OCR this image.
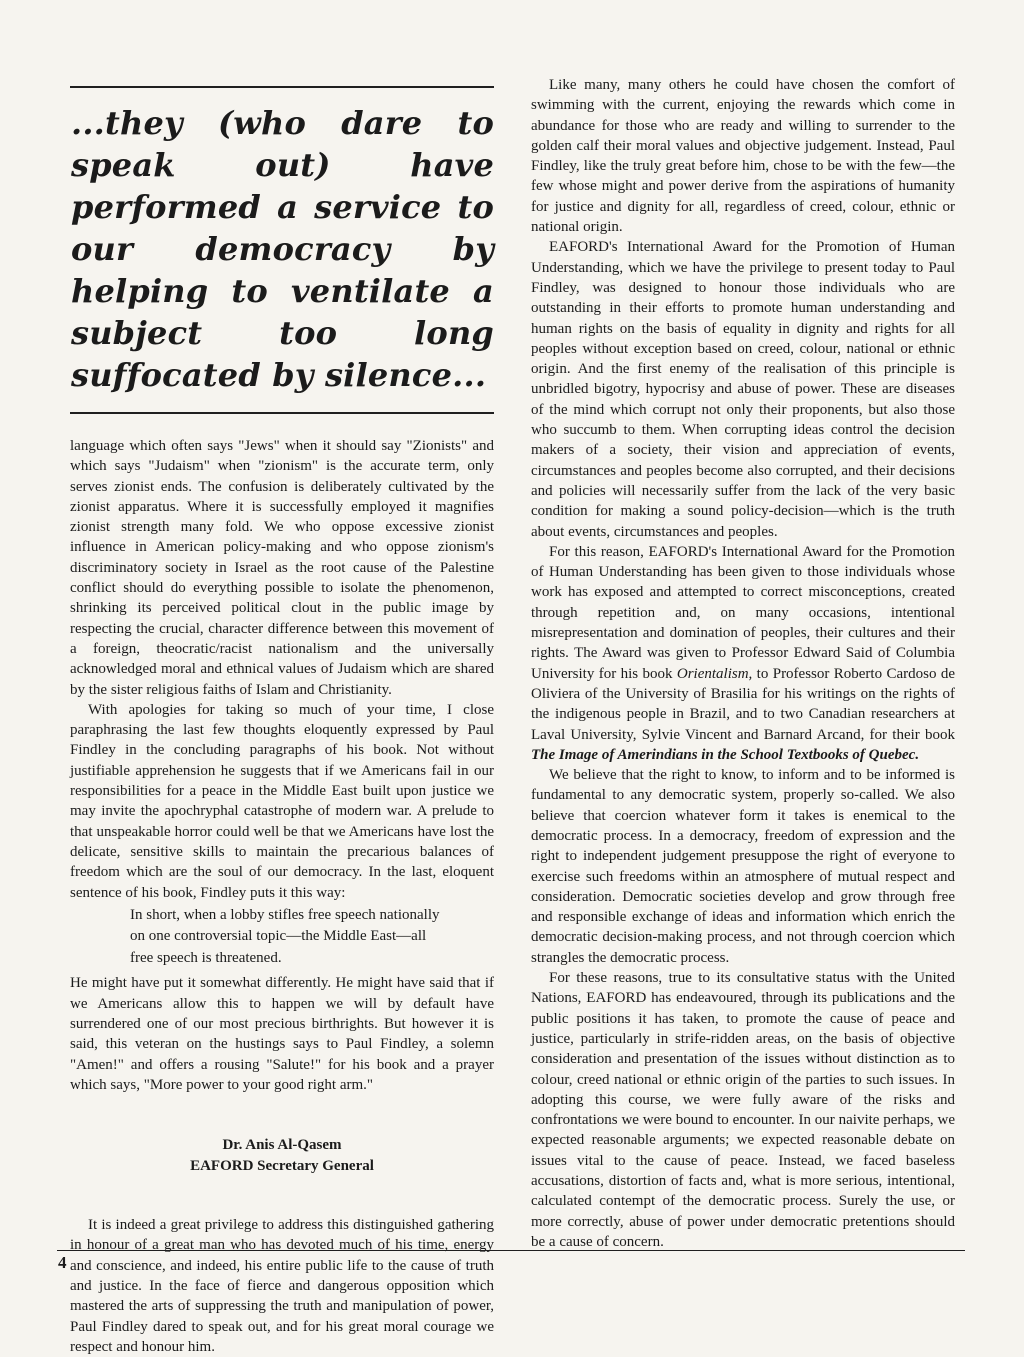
...they (who dare to speak out) have performed a service to our democracy by helping to ventilate a subject too long suffocated by silence...

language which often says "Jews" when it should say "Zionists" and which says "Judaism" when "zionism" is the accurate term, only serves zionist ends. The confusion is deliberately cultivated by the zionist apparatus. Where it is successfully employed it magnifies zionist strength many fold. We who oppose excessive zionist influence in American policy-making and who oppose zionism's discriminatory society in Israel as the root cause of the Palestine conflict should do everything possible to isolate the phenomenon, shrinking its perceived political clout in the public image by respecting the crucial, character difference between this movement of a foreign, theocratic/racist nationalism and the universally acknowledged moral and ethnical values of Judaism which are shared by the sister religious faiths of Islam and Christianity.

With apologies for taking so much of your time, I close paraphrasing the last few thoughts eloquently expressed by Paul Findley in the concluding paragraphs of his book. Not without justifiable apprehension he suggests that if we Americans fail in our responsibilities for a peace in the Middle East built upon justice we may invite the apochryphal catastrophe of modern war. A prelude to that unspeakable horror could well be that we Americans have lost the delicate, sensitive skills to maintain the precarious balances of freedom which are the soul of our democracy. In the last, eloquent sentence of his book, Findley puts it this way:

In short, when a lobby stifles free speech nationally
on one controversial topic—the Middle East—all
free speech is threatened.

He might have put it somewhat differently. He might have said that if we Americans allow this to happen we will by default have surrendered one of our most precious birthrights. But however it is said, this veteran on the hustings says to Paul Findley, a solemn "Amen!" and offers a rousing "Salute!" for his book and a prayer which says, "More power to your good right arm."

Dr. Anis Al-Qasem
EAFORD Secretary General

It is indeed a great privilege to address this distinguished gathering in honour of a great man who has devoted much of his time, energy and conscience, and indeed, his entire public life to the cause of truth and justice. In the face of fierce and dangerous opposition which mastered the arts of suppressing the truth and manipulation of power, Paul Findley dared to speak out, and for his great moral courage we respect and honour him.

Like many, many others he could have chosen the comfort of swimming with the current, enjoying the rewards which come in abundance for those who are ready and willing to surrender to the golden calf their moral values and objective judgement. Instead, Paul Findley, like the truly great before him, chose to be with the few—the few whose might and power derive from the aspirations of humanity for justice and dignity for all, regardless of creed, colour, ethnic or national origin.

EAFORD's International Award for the Promotion of Human Understanding, which we have the privilege to present today to Paul Findley, was designed to honour those individuals who are outstanding in their efforts to promote human understanding and human rights on the basis of equality in dignity and rights for all peoples without exception based on creed, colour, national or ethnic origin. And the first enemy of the realisation of this principle is unbridled bigotry, hypocrisy and abuse of power. These are diseases of the mind which corrupt not only their proponents, but also those who succumb to them. When corrupting ideas control the decision makers of a society, their vision and appreciation of events, circumstances and peoples become also corrupted, and their decisions and policies will necessarily suffer from the lack of the very basic condition for making a sound policy-decision—which is the truth about events, circumstances and peoples.

For this reason, EAFORD's International Award for the Promotion of Human Understanding has been given to those individuals whose work has exposed and attempted to correct misconceptions, created through repetition and, on many occasions, intentional misrepresentation and domination of peoples, their cultures and their rights. The Award was given to Professor Edward Said of Columbia University for his book Orientalism, to Professor Roberto Cardoso de Oliviera of the University of Brasilia for his writings on the rights of the indigenous people in Brazil, and to two Canadian researchers at Laval University, Sylvie Vincent and Barnard Arcand, for their book The Image of Amerindians in the School Textbooks of Quebec.

We believe that the right to know, to inform and to be informed is fundamental to any democratic system, properly so-called. We also believe that coercion whatever form it takes is enemical to the democratic process. In a democracy, freedom of expression and the right to independent judgement presuppose the right of everyone to exercise such freedoms within an atmosphere of mutual respect and consideration. Democratic societies develop and grow through free and responsible exchange of ideas and information which enrich the democratic decision-making process, and not through coercion which strangles the democratic process.

For these reasons, true to its consultative status with the United Nations, EAFORD has endeavoured, through its publications and the public positions it has taken, to promote the cause of peace and justice, particularly in strife-ridden areas, on the basis of objective consideration and presentation of the issues without distinction as to colour, creed national or ethnic origin of the parties to such issues. In adopting this course, we were fully aware of the risks and confrontations we were bound to encounter. In our naivite perhaps, we expected reasonable arguments; we expected reasonable debate on issues vital to the cause of peace. Instead, we faced baseless accusations, distortion of facts and, what is more serious, intentional, calculated contempt of the democratic process. Surely the use, or more correctly, abuse of power under democratic pretentions should be a cause of concern.

4
